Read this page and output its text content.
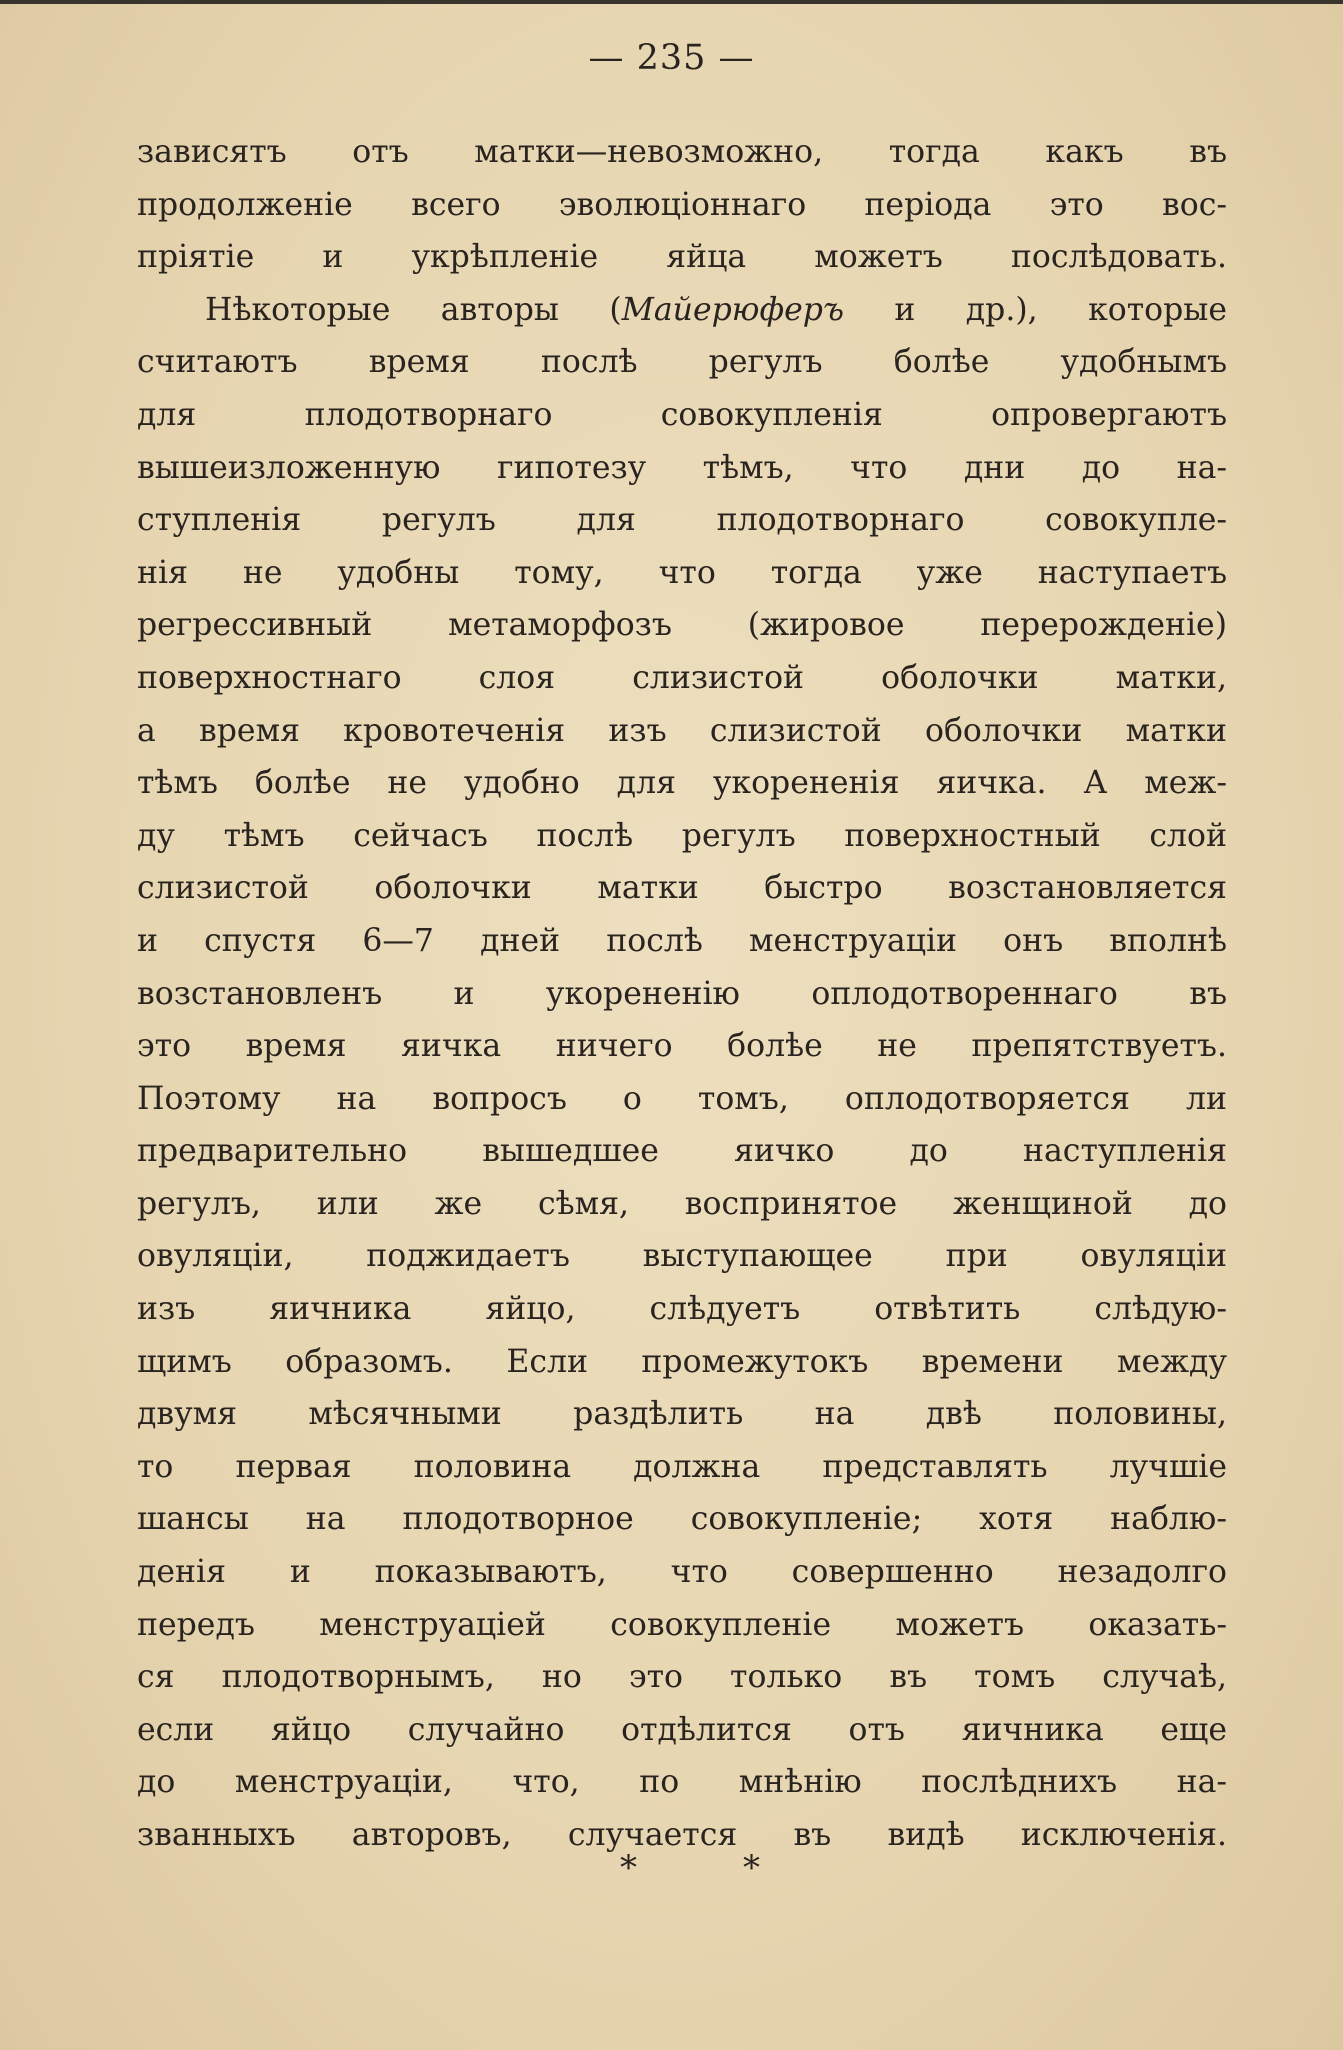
— 235 —
зависятъ отъ матки—невозможно, тогда какъ въ
продолженіе всего эволюціоннаго періода это вос-
пріятіе и укрѣпленіе яйца можетъ послѣдовать.
Нѣкоторые авторы (Майерюферъ и др.), которые
считаютъ время послѣ регулъ болѣе удобнымъ
для плодотворнаго совокупленія опровергаютъ
вышеизложенную гипотезу тѣмъ, что дни до на-
ступленія регулъ для плодотворнаго совокупле-
нія не удобны тому, что тогда уже наступаетъ
регрессивный метаморфозъ (жировое перерожденіе)
поверхностнаго слоя слизистой оболочки матки,
а время кровотеченія изъ слизистой оболочки матки
тѣмъ болѣе не удобно для укорененія яичка. А меж-
ду тѣмъ сейчасъ послѣ регулъ поверхностный слой
слизистой оболочки матки быстро возстановляется
и спустя 6—7 дней послѣ менструаціи онъ вполнѣ
возстановленъ и укорененію оплодотвореннаго въ
это время яичка ничего болѣе не препятствуетъ.
Поэтому на вопросъ о томъ, оплодотворяется ли
предварительно вышедшее яичко до наступленія
регулъ, или же сѣмя, воспринятое женщиной до
овуляціи, поджидаетъ выступающее при овуляціи
изъ яичника яйцо, слѣдуетъ отвѣтить слѣдую-
щимъ образомъ. Если промежутокъ времени между
двумя мѣсячными раздѣлить на двѣ половины,
то первая половина должна представлять лучшіе
шансы на плодотворное совокупленіе; хотя наблю-
денія и показываютъ, что совершенно незадолго
передъ менструаціей совокупленіе можетъ оказать-
ся плодотворнымъ, но это только въ томъ случаѣ,
если яйцо случайно отдѣлится отъ яичника еще
до менструаціи, что, по мнѣнію послѣднихъ на-
званныхъ авторовъ, случается въ видѣ исключенія.
*	*
